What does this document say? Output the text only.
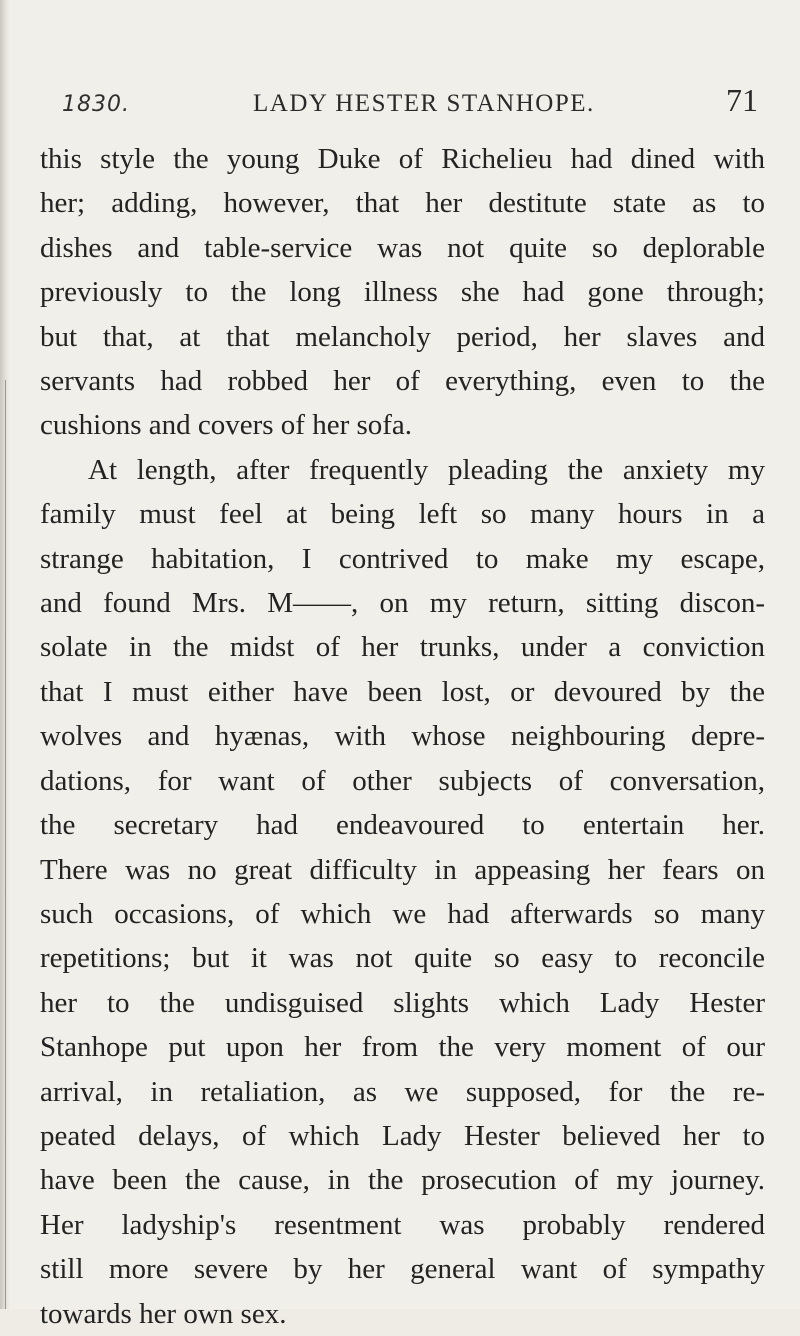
1830.	LADY HESTER STANHOPE.	71
this style the young Duke of Richelieu had dined with
her; adding, however, that her destitute state as to
dishes and table-service was not quite so deplorable
previously to the long illness she had gone through;
but that, at that melancholy period, her slaves and
servants had robbed her of everything, even to the
cushions and covers of her sofa.
At length, after frequently pleading the anxiety my
family must feel at being left so many hours in a
strange habitation, I contrived to make my escape,
and found Mrs. M——, on my return, sitting discon-
solate in the midst of her trunks, under a conviction
that I must either have been lost, or devoured by the
wolves and hyænas, with whose neighbouring depre-
dations, for want of other subjects of conversation,
the secretary had endeavoured to entertain her.
There was no great difficulty in appeasing her fears on
such occasions, of which we had afterwards so many
repetitions; but it was not quite so easy to reconcile
her to the undisguised slights which Lady Hester
Stanhope put upon her from the very moment of our
arrival, in retaliation, as we supposed, for the re-
peated delays, of which Lady Hester believed her to
have been the cause, in the prosecution of my journey.
Her ladyship's resentment was probably rendered
still more severe by her general want of sympathy
towards her own sex.
